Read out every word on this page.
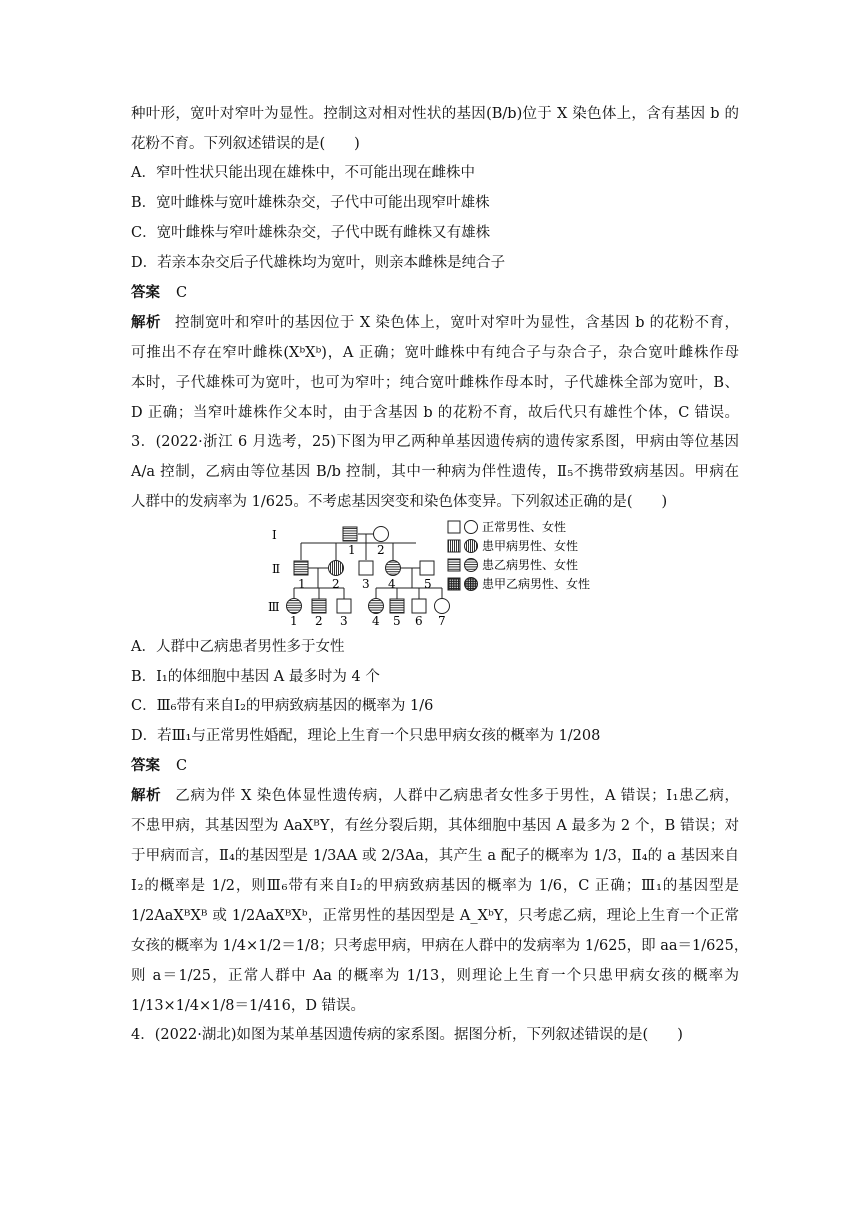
种叶形，宽叶对窄叶为显性。控制这对相对性状的基因(B/b)位于 X 染色体上，含有基因 b 的
花粉不育。下列叙述错误的是(　　)
A．窄叶性状只能出现在雄株中，不可能出现在雌株中
B．宽叶雌株与宽叶雄株杂交，子代中可能出现窄叶雄株
C．宽叶雌株与窄叶雄株杂交，子代中既有雌株又有雄株
D．若亲本杂交后子代雄株均为宽叶，则亲本雌株是纯合子
答案 C
解析 控制宽叶和窄叶的基因位于 X 染色体上，宽叶对窄叶为显性，含基因 b 的花粉不育，
可推出不存在窄叶雌株(XᵇXᵇ)，A 正确；宽叶雌株中有纯合子与杂合子，杂合宽叶雌株作母
本时，子代雄株可为宽叶，也可为窄叶；纯合宽叶雌株作母本时，子代雄株全部为宽叶，B、
D 正确；当窄叶雄株作父本时，由于含基因 b 的花粉不育，故后代只有雄性个体，C 错误。
3．(2022·浙江 6 月选考，25)下图为甲乙两种单基因遗传病的遗传家系图，甲病由等位基因
A/a 控制，乙病由等位基因 B/b 控制，其中一种病为伴性遗传，Ⅱ₅不携带致病基因。甲病在
人群中的发病率为 1/625。不考虑基因突变和染色体变异。下列叙述正确的是(　　)
Ⅰ
Ⅱ
Ⅲ
1 2
1 2 3 4 5
1 2 3 4 5 6 7
正常男性、女性
患甲病男性、女性
患乙病男性、女性
患甲乙病男性、女性
A．人群中乙病患者男性多于女性
B．Ⅰ₁的体细胞中基因 A 最多时为 4 个
C．Ⅲ₆带有来自Ⅰ₂的甲病致病基因的概率为 1/6
D．若Ⅲ₁与正常男性婚配，理论上生育一个只患甲病女孩的概率为 1/208
答案 C
解析 乙病为伴 X 染色体显性遗传病，人群中乙病患者女性多于男性，A 错误；Ⅰ₁患乙病，
不患甲病，其基因型为 AaXᴮY，有丝分裂后期，其体细胞中基因 A 最多为 2 个，B 错误；对
于甲病而言，Ⅱ₄的基因型是 1/3AA 或 2/3Aa，其产生 a 配子的概率为 1/3，Ⅱ₄的 a 基因来自
Ⅰ₂的概率是 1/2，则Ⅲ₆带有来自Ⅰ₂的甲病致病基因的概率为 1/6，C 正确；Ⅲ₁的基因型是
1/2AaXᴮXᴮ 或 1/2AaXᴮXᵇ，正常男性的基因型是 A_XᵇY，只考虑乙病，理论上生育一个正常
女孩的概率为 1/4×1/2＝1/8；只考虑甲病，甲病在人群中的发病率为 1/625，即 aa＝1/625，
则 a＝1/25，正常人群中 Aa 的概率为 1/13，则理论上生育一个只患甲病女孩的概率为
1/13×1/4×1/8＝1/416，D 错误。
4．(2022·湖北)如图为某单基因遗传病的家系图。据图分析，下列叙述错误的是(　　)
